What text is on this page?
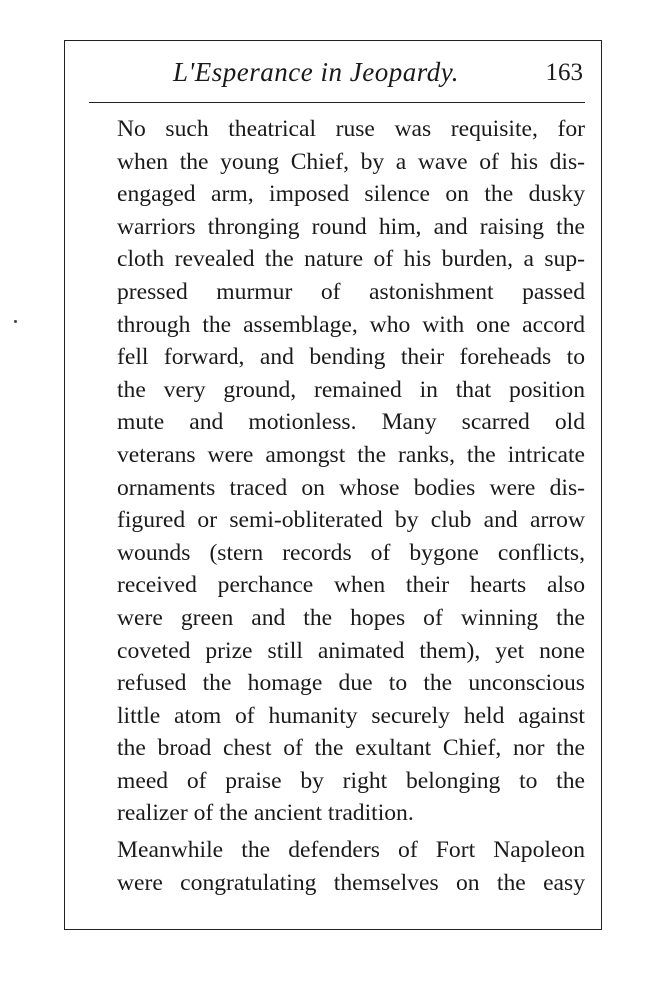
L'Esperance in Jeopardy.	163

No such theatrical ruse was requisite, for
when the young Chief, by a wave of his dis-
engaged arm, imposed silence on the dusky
warriors thronging round him, and raising the
cloth revealed the nature of his burden, a sup-
pressed murmur of astonishment passed
through the assemblage, who with one accord
fell forward, and bending their foreheads to
the very ground, remained in that position
mute and motionless. Many scarred old
veterans were amongst the ranks, the intricate
ornaments traced on whose bodies were dis-
figured or semi-obliterated by club and arrow
wounds (stern records of bygone conflicts,
received perchance when their hearts also
were green and the hopes of winning the
coveted prize still animated them), yet none
refused the homage due to the unconscious
little atom of humanity securely held against
the broad chest of the exultant Chief, nor the
meed of praise by right belonging to the
realizer of the ancient tradition.

Meanwhile the defenders of Fort Napoleon
were congratulating themselves on the easy
